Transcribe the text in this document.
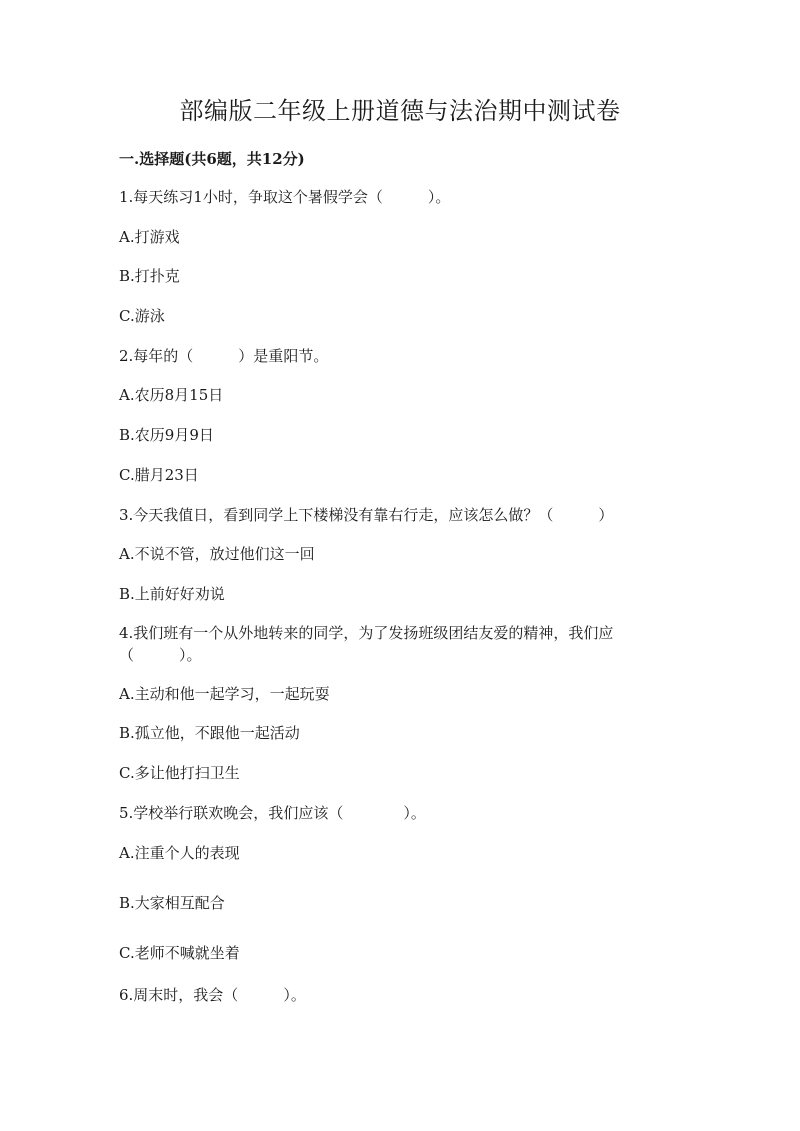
部编版二年级上册道德与法治期中测试卷
一.选择题(共6题，共12分)
1.每天练习1小时，争取这个暑假学会（　　　）。
A.打游戏
B.打扑克
C.游泳
2.每年的（　　　）是重阳节。
A.农历8月15日
B.农历9月9日
C.腊月23日
3.今天我值日，看到同学上下楼梯没有靠右行走，应该怎么做？（　　　）
A.不说不管，放过他们这一回
B.上前好好劝说
4.我们班有一个从外地转来的同学，为了发扬班级团结友爱的精神，我们应（　　　）。
A.主动和他一起学习，一起玩耍
B.孤立他，不跟他一起活动
C.多让他打扫卫生
5.学校举行联欢晚会，我们应该（　　　　）。
A.注重个人的表现
B.大家相互配合
C.老师不喊就坐着
6.周末时，我会（　　　）。
